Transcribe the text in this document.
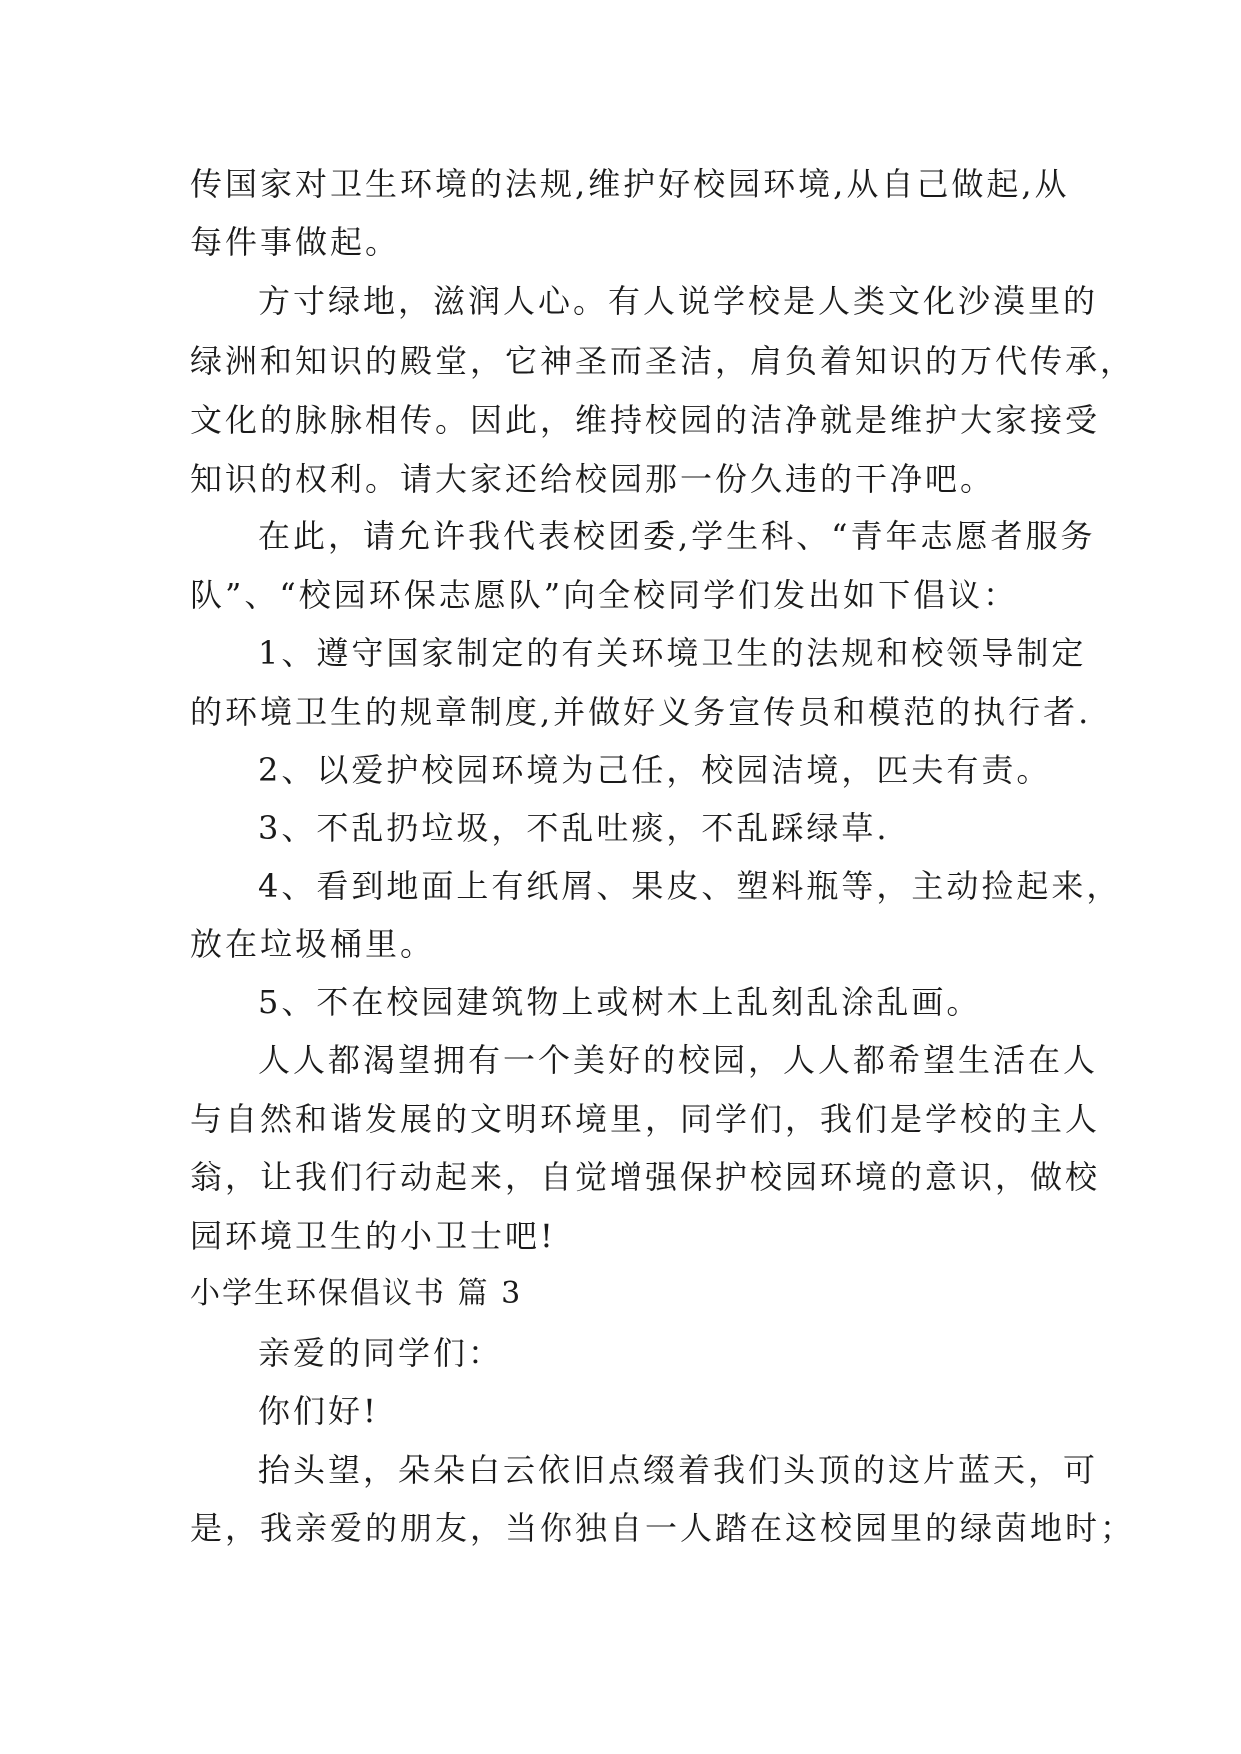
传国家对卫生环境的法规,维护好校园环境,从自己做起,从
每件事做起。
方寸绿地，滋润人心。有人说学校是人类文化沙漠里的
绿洲和知识的殿堂，它神圣而圣洁，肩负着知识的万代传承，
文化的脉脉相传。因此，维持校园的洁净就是维护大家接受
知识的权利。请大家还给校园那一份久违的干净吧。
在此，请允许我代表校团委,学生科、“青年志愿者服务
队”、“校园环保志愿队”向全校同学们发出如下倡议：
1、遵守国家制定的有关环境卫生的法规和校领导制定
的环境卫生的规章制度,并做好义务宣传员和模范的执行者.
2、以爱护校园环境为己任，校园洁境，匹夫有责。
3、不乱扔垃圾，不乱吐痰，不乱踩绿草.
4、看到地面上有纸屑、果皮、塑料瓶等，主动捡起来，
放在垃圾桶里。
5、不在校园建筑物上或树木上乱刻乱涂乱画。
人人都渴望拥有一个美好的校园，人人都希望生活在人
与自然和谐发展的文明环境里，同学们，我们是学校的主人
翁，让我们行动起来，自觉增强保护校园环境的意识，做校
园环境卫生的小卫士吧!
小学生环保倡议书 篇 3
亲爱的同学们：
你们好!
抬头望，朵朵白云依旧点缀着我们头顶的这片蓝天，可
是，我亲爱的朋友，当你独自一人踏在这校园里的绿茵地时；
